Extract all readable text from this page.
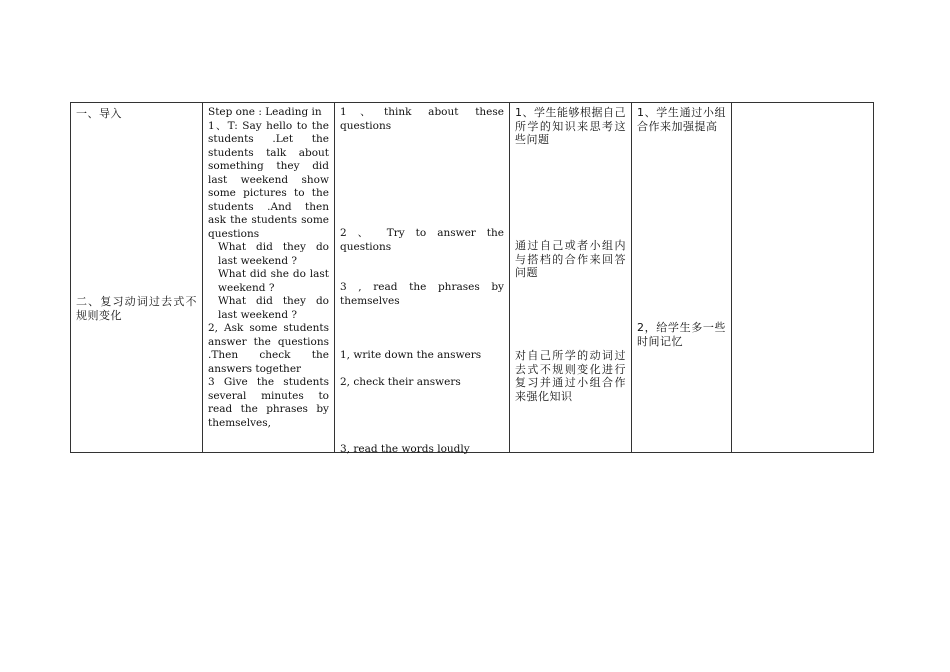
一、导入
二、复习动词过去式不规则变化
Step one : Leading in
1、T: Say hello to the students .Let the students talk about something they did last weekend show some pictures to the students .And then ask the students some questions
What did they do last weekend ?
What did she do last weekend ?
What did they do last weekend ?
2, Ask some students answer the questions .Then check the answers together
3 Give the students several minutes to read the phrases by themselves,
1、think about these questions
2 、 Try to answer the questions
3 , read the phrases by themselves
1, write down the answers
2, check their answers
3, read the words loudly
1、学生能够根据自己所学的知识来思考这些问题
通过自己或者小组内与搭档的合作来回答问题
对自己所学的动词过去式不规则变化进行复习并通过小组合作来强化知识
1、学生通过小组合作来加强提高
2，给学生多一些时间记忆
